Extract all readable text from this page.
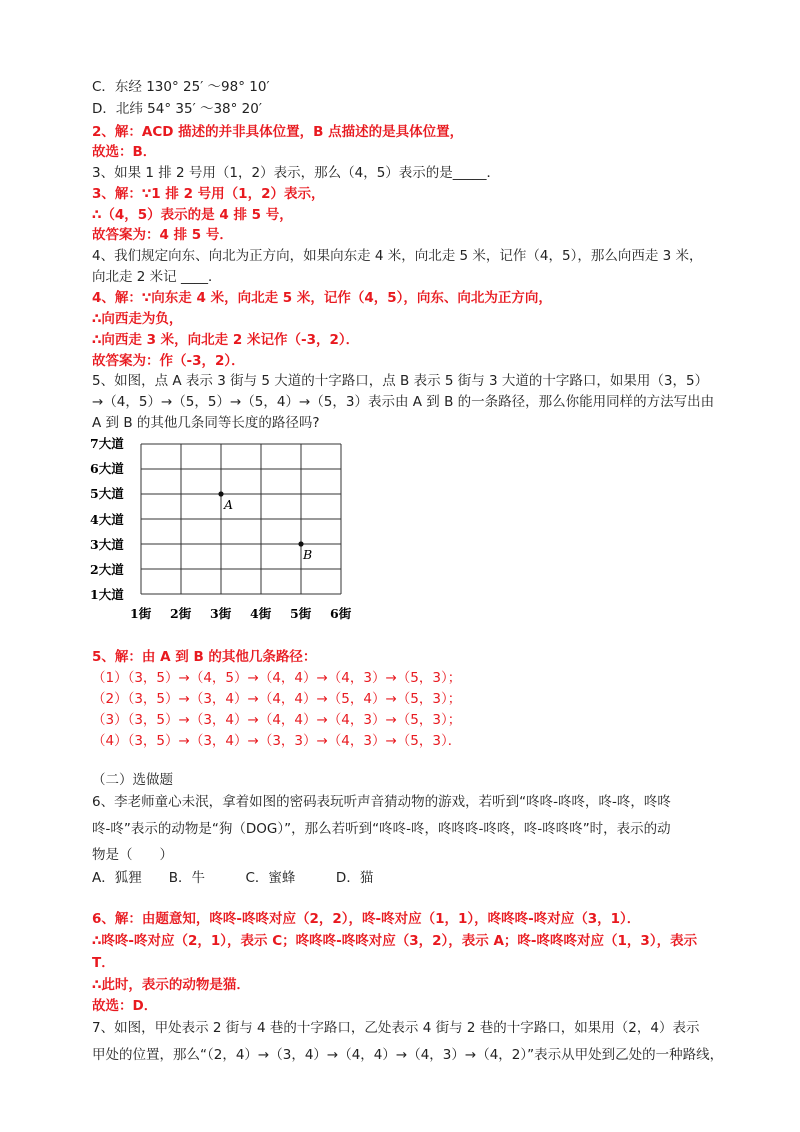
C．东经 130° 25′ ～98° 10′
D．北纬 54° 35′ ～38° 20′
2、解：ACD 描述的并非具体位置，B 点描述的是具体位置，
故选：B．
3、如果 1 排 2 号用（1，2）表示，那么（4，5）表示的是_____．
3、解：∵1 排 2 号用（1，2）表示，
∴（4，5）表示的是 4 排 5 号，
故答案为：4 排 5 号．
4、我们规定向东、向北为正方向，如果向东走 4 米，向北走 5 米，记作（4，5），那么向西走 3 米，
向北走 2 米记 ____．
4、解：∵向东走 4 米，向北走 5 米，记作（4，5），向东、向北为正方向，
∴向西走为负，
∴向西走 3 米，向北走 2 米记作（-3，2）．
故答案为：作（-3，2）．
5、如图，点 A 表示 3 街与 5 大道的十字路口，点 B 表示 5 街与 3 大道的十字路口，如果用（3，5）
→（4，5）→（5，5）→（5，4）→（5，3）表示由 A 到 B 的一条路径，那么你能用同样的方法写出由
A 到 B 的其他几条同等长度的路径吗?
7大道
6大道
5大道
4大道
3大道
2大道
1大道
1街 2街 3街 4街 5街 6街
A
B
5、解：由 A 到 B 的其他几条路径：
（1）（3，5）→（4，5）→（4，4）→（4，3）→（5，3）；
（2）（3，5）→（3，4）→（4，4）→（5，4）→（5，3）；
（3）（3，5）→（3，4）→（4，4）→（4，3）→（5，3）；
（4）（3，5）→（3，4）→（3，3）→（4，3）→（5，3）．
（二）选做题
6、李老师童心未泯，拿着如图的密码表玩听声音猜动物的游戏，若听到“咚咚-咚咚，咚-咚，咚咚
咚-咚”表示的动物是“狗（DOG）”，那么若听到“咚咚-咚，咚咚咚-咚咚，咚-咚咚咚”时，表示的动
物是（　　）
A．狐狸　　B．牛　　　C．蜜蜂　　　D．猫
6、解：由题意知，咚咚-咚咚对应（2，2），咚-咚对应（1，1），咚咚咚-咚对应（3，1）．
∴咚咚-咚对应（2，1），表示 C；咚咚咚-咚咚对应（3，2），表示 A；咚-咚咚咚对应（1，3），表示
T．
∴此时，表示的动物是猫．
故选：D．
7、如图，甲处表示 2 街与 4 巷的十字路口，乙处表示 4 街与 2 巷的十字路口，如果用（2，4）表示
甲处的位置，那么“（2，4）→（3，4）→（4，4）→（4，3）→（4，2）”表示从甲处到乙处的一种路线，
